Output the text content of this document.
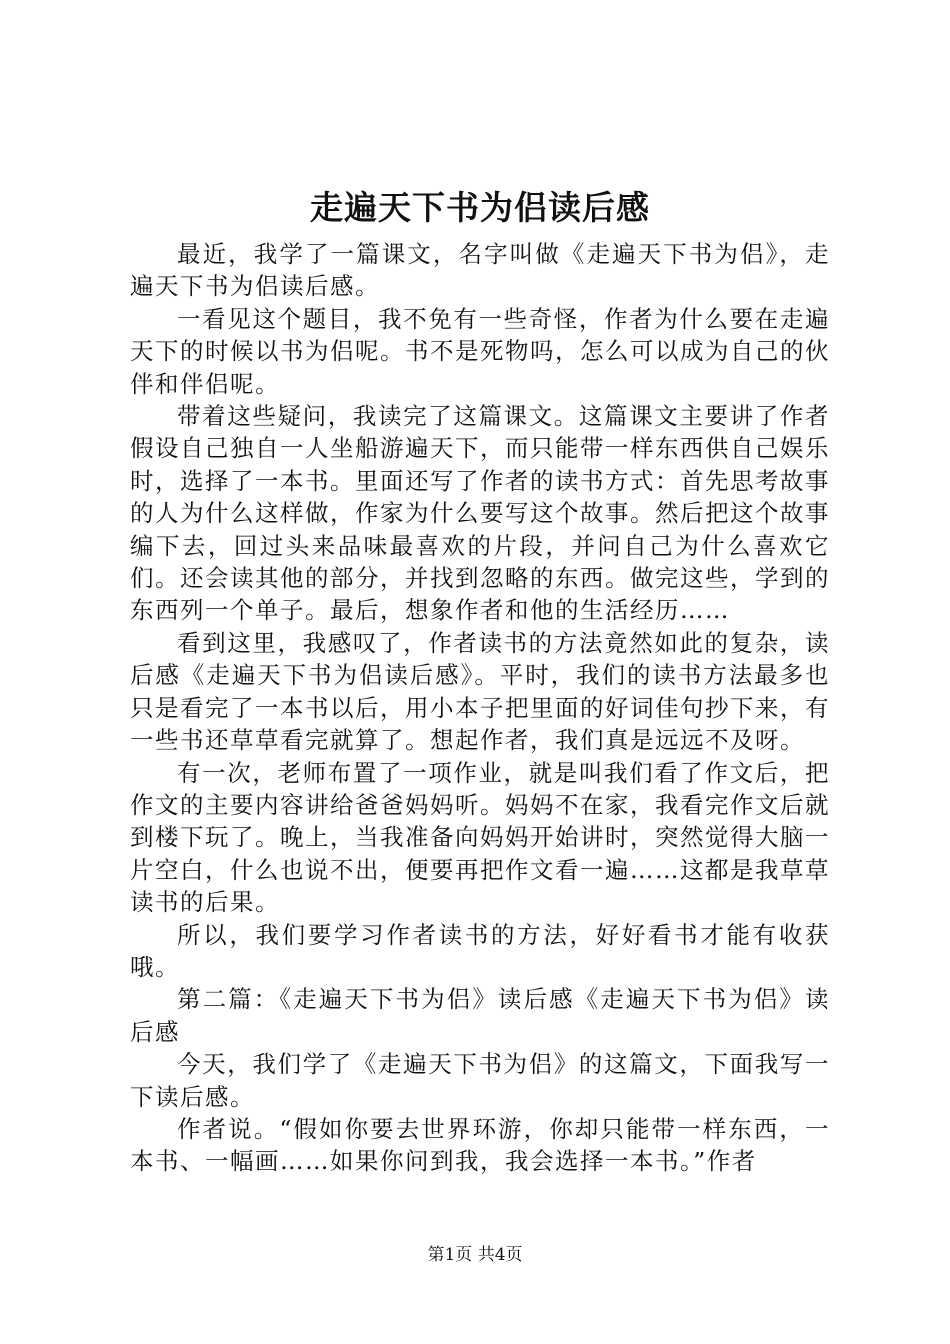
走遍天下书为侣读后感

最近，我学了一篇课文，名字叫做《走遍天下书为侣》，走遍天下书为侣读后感。

一看见这个题目，我不免有一些奇怪，作者为什么要在走遍天下的时候以书为侣呢。书不是死物吗，怎么可以成为自己的伙伴和伴侣呢。

带着这些疑问，我读完了这篇课文。这篇课文主要讲了作者假设自己独自一人坐船游遍天下，而只能带一样东西供自己娱乐时，选择了一本书。里面还写了作者的读书方式：首先思考故事的人为什么这样做，作家为什么要写这个故事。然后把这个故事编下去，回过头来品味最喜欢的片段，并问自己为什么喜欢它们。还会读其他的部分，并找到忽略的东西。做完这些，学到的东西列一个单子。最后，想象作者和他的生活经历……

看到这里，我感叹了，作者读书的方法竟然如此的复杂，读后感《走遍天下书为侣读后感》。平时，我们的读书方法最多也只是看完了一本书以后，用小本子把里面的好词佳句抄下来，有一些书还草草看完就算了。想起作者，我们真是远远不及呀。

有一次，老师布置了一项作业，就是叫我们看了作文后，把作文的主要内容讲给爸爸妈妈听。妈妈不在家，我看完作文后就到楼下玩了。晚上，当我准备向妈妈开始讲时，突然觉得大脑一片空白，什么也说不出，便要再把作文看一遍……这都是我草草读书的后果。

所以，我们要学习作者读书的方法，好好看书才能有收获哦。

第二篇：《走遍天下书为侣》读后感《走遍天下书为侣》读后感

今天，我们学了《走遍天下书为侣》的这篇文，下面我写一下读后感。

作者说。“假如你要去世界环游，你却只能带一样东西，一本书、一幅画……如果你问到我，我会选择一本书。”作者

第1页 共4页
